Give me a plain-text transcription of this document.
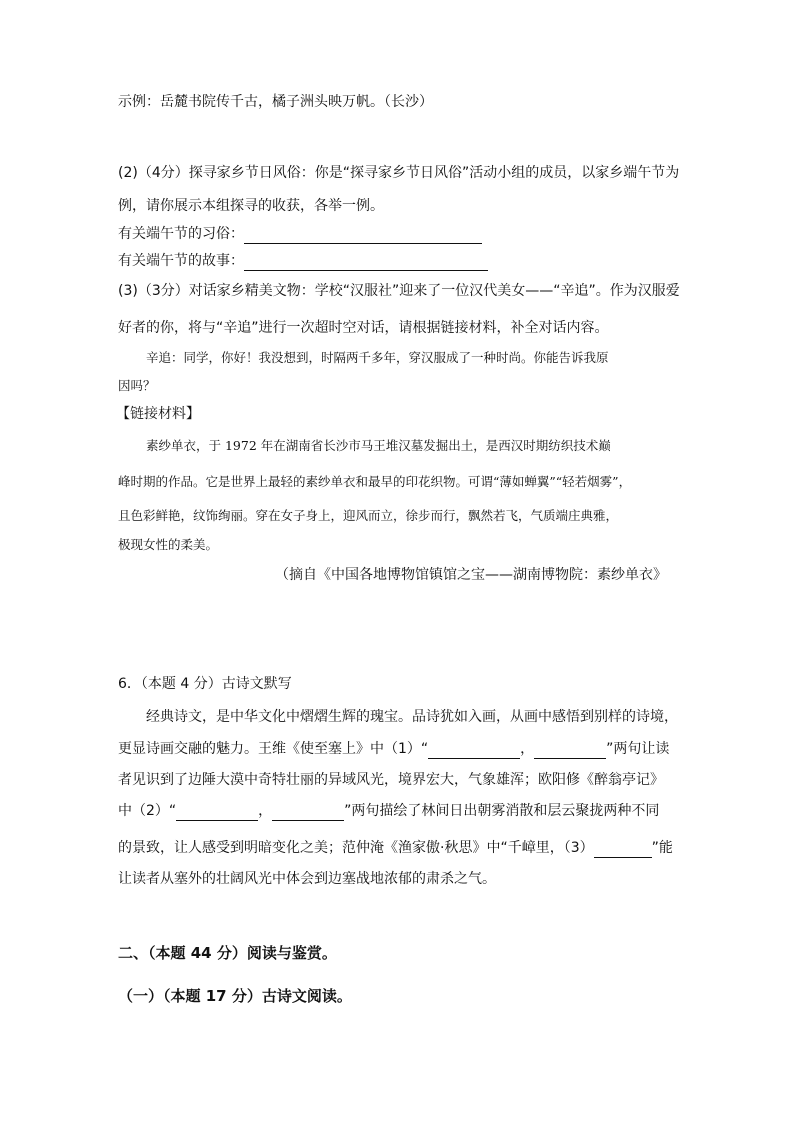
示例：岳麓书院传千古，橘子洲头映万帆。（长沙）
(2)（4分）探寻家乡节日风俗：你是“探寻家乡节日风俗”活动小组的成员，以家乡端午节为
例，请你展示本组探寻的收获，各举一例。
有关端午节的习俗：
有关端午节的故事：
(3)（3分）对话家乡精美文物：学校“汉服社”迎来了一位汉代美女——“辛追”。作为汉服爱
好者的你，将与“辛追”进行一次超时空对话，请根据链接材料，补全对话内容。
辛追：同学，你好！我没想到，时隔两千多年，穿汉服成了一种时尚。你能告诉我原
因吗？
【链接材料】
素纱单衣，于 1972 年在湖南省长沙市马王堆汉墓发掘出土，是西汉时期纺织技术巅
峰时期的作品。它是世界上最轻的素纱单衣和最早的印花织物。可谓“薄如蝉翼”“轻若烟雾”，
且色彩鲜艳，纹饰绚丽。穿在女子身上，迎风而立，徐步而行，飘然若飞，气质端庄典雅，
极现女性的柔美。
（摘自《中国各地博物馆镇馆之宝——湖南博物院：素纱单衣》
6．（本题 4 分）古诗文默写
经典诗文，是中华文化中熠熠生辉的瑰宝。品诗犹如入画，从画中感悟到别样的诗境，
更显诗画交融的魅力。王维《使至塞上》中（1）“	，	”两句让读
者见识到了边陲大漠中奇特壮丽的异域风光，境界宏大，气象雄浑；欧阳修《醉翁亭记》
中（2）“	，	”两句描绘了林间日出朝雾消散和层云聚拢两种不同
的景致，让人感受到明暗变化之美；范仲淹《渔家傲·秋思》中“千嶂里，（3）	”能
让读者从塞外的壮阔风光中体会到边塞战地浓郁的肃杀之气。
二、（本题 44 分）阅读与鉴赏。
（一）（本题 17 分）古诗文阅读。
